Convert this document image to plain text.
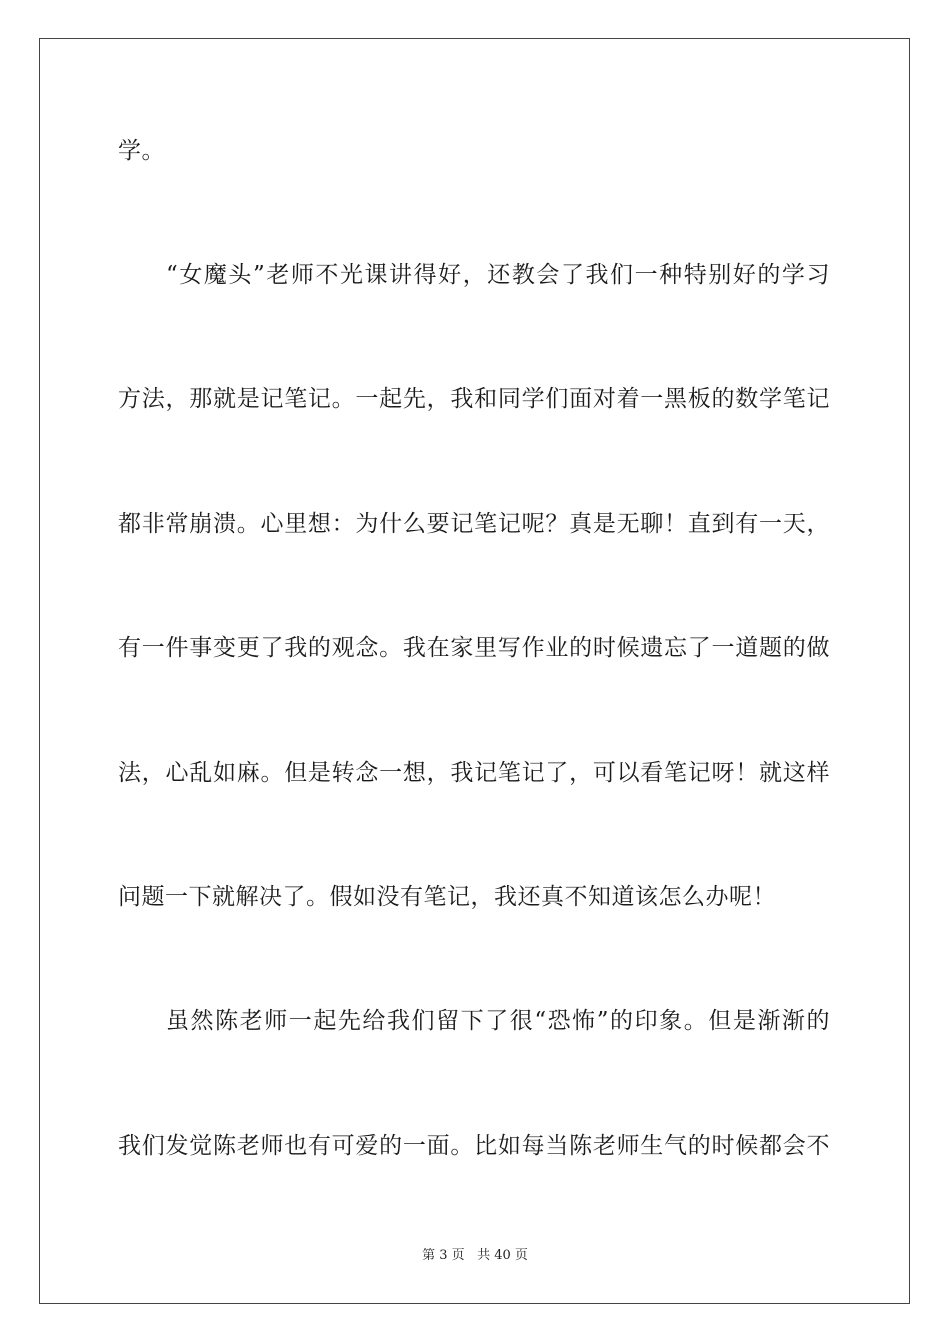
学。
“女魔头”老师不光课讲得好，还教会了我们一种特别好的学习
方法，那就是记笔记。一起先，我和同学们面对着一黑板的数学笔记
都非常崩溃。心里想：为什么要记笔记呢？真是无聊！直到有一天，
有一件事变更了我的观念。我在家里写作业的时候遗忘了一道题的做
法，心乱如麻。但是转念一想，我记笔记了，可以看笔记呀！就这样
问题一下就解决了。假如没有笔记，我还真不知道该怎么办呢！
虽然陈老师一起先给我们留下了很“恐怖”的印象。但是渐渐的
我们发觉陈老师也有可爱的一面。比如每当陈老师生气的时候都会不
第 3 页 共 40 页
